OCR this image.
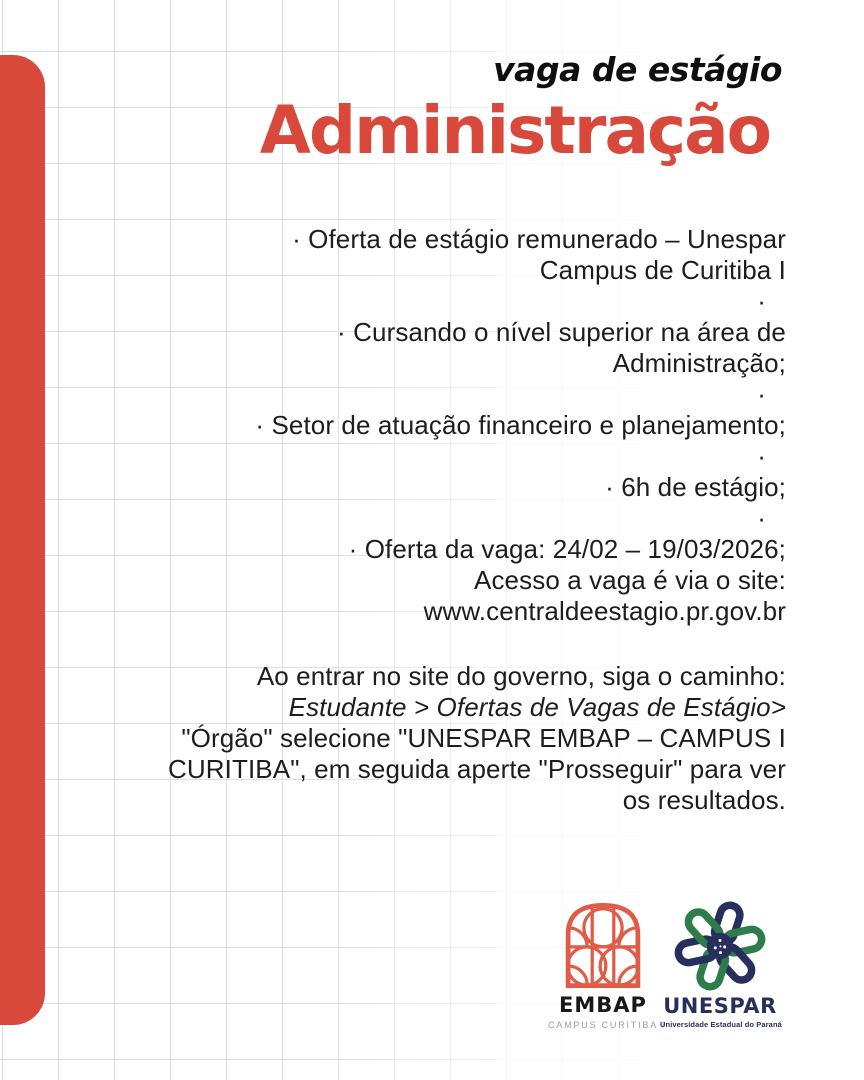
vaga de estágio
Administração
· Oferta de estágio remunerado – Unespar
Campus de Curitiba I
·
· Cursando o nível superior na área de
Administração;
·
· Setor de atuação financeiro e planejamento;
·
· 6h de estágio;
·
· Oferta da vaga: 24/02 – 19/03/2026;
Acesso a vaga é via o site:
www.centraldeestagio.pr.gov.br
Ao entrar no site do governo, siga o caminho:
Estudante > Ofertas de Vagas de Estágio>
"Órgão" selecione "UNESPAR EMBAP – CAMPUS I
CURITIBA", em seguida aperte "Prosseguir" para ver
os resultados.
EMBAP
CAMPUS CURITIBA I
UNESPAR
Universidade Estadual do Paraná
